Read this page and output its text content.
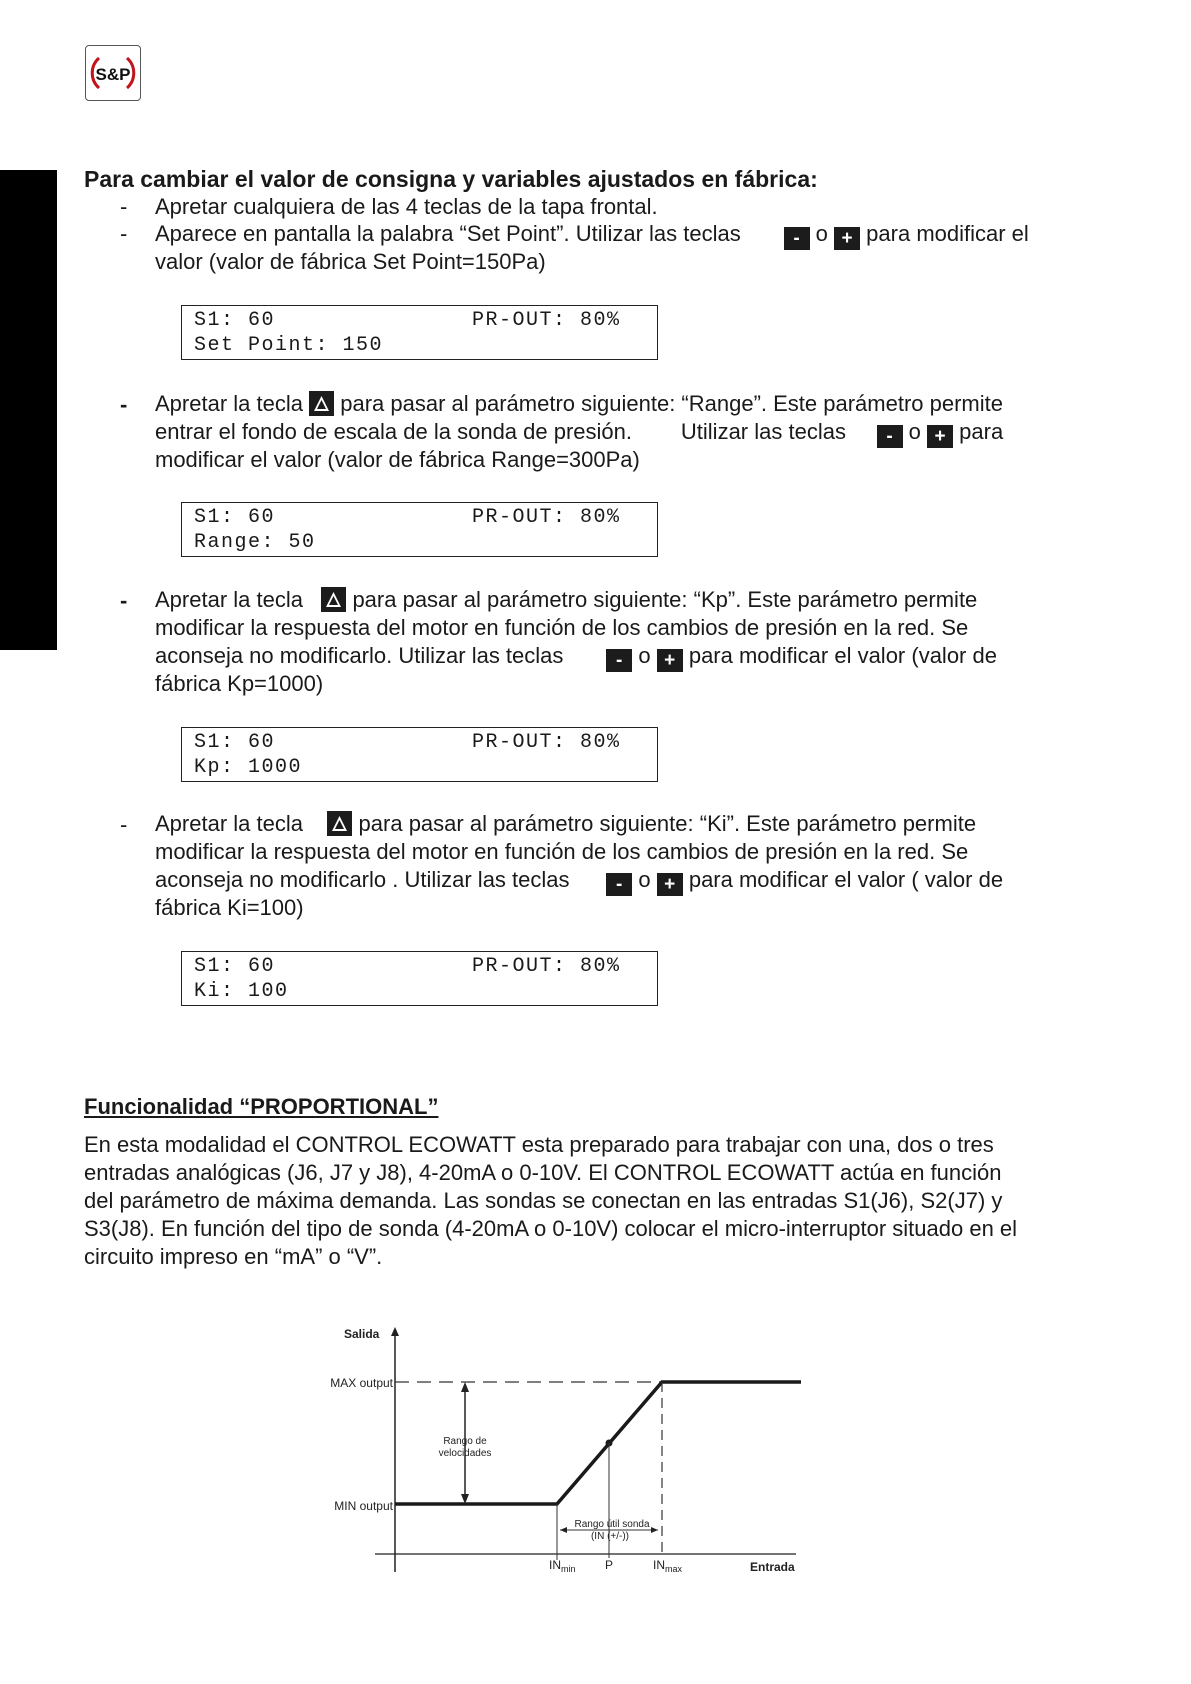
S&P
Para cambiar el valor de consigna y variables ajustados en fábrica:
- Apretar cualquiera de las 4 teclas de la tapa frontal.
- Aparece en pantalla la palabra “Set Point”. Utilizar las teclas	- o + para modificar el
valor (valor de fábrica Set Point=150Pa)
S1: 60	PR-OUT: 80%
Set Point: 150
- Apretar la tecla para pasar al parámetro siguiente: “Range”. Este parámetro permite
entrar el fondo de escala de la sonda de presión. Utilizar las teclas - o + para
modificar el valor (valor de fábrica Range=300Pa)
S1: 60	PR-OUT: 80%
Range: 50
- Apretar la tecla para pasar al parámetro siguiente: “Kp”. Este parámetro permite
modificar la respuesta del motor en función de los cambios de presión en la red. Se
aconseja no modificarlo. Utilizar las teclas	- o + para modificar el valor (valor de
fábrica Kp=1000)
S1: 60	PR-OUT: 80%
Kp: 1000
- Apretar la tecla	para pasar al parámetro siguiente: “Ki”. Este parámetro permite
modificar la respuesta del motor en función de los cambios de presión en la red. Se
aconseja no modificarlo . Utilizar las teclas - o + para modificar el valor ( valor de
fábrica Ki=100)
S1: 60	PR-OUT: 80%
Ki: 100
Funcionalidad “PROPORTIONAL”
En esta modalidad el CONTROL ECOWATT esta preparado para trabajar con una, dos o tres
entradas analógicas (J6, J7 y J8), 4-20mA o 0-10V. El CONTROL ECOWATT actúa en función
del parámetro de máxima demanda. Las sondas se conectan en las entradas S1(J6), S2(J7) y
S3(J8). En función del tipo de sonda (4-20mA o 0-10V) colocar el micro-interruptor situado en el
circuito impreso en “mA” o “V”.
Salida
Entrada
MAX output
MIN output
Rango de
velocidades
Rango útil sonda
(IN (+/-))
$IN_{min}$ P	$IN_{max}$
